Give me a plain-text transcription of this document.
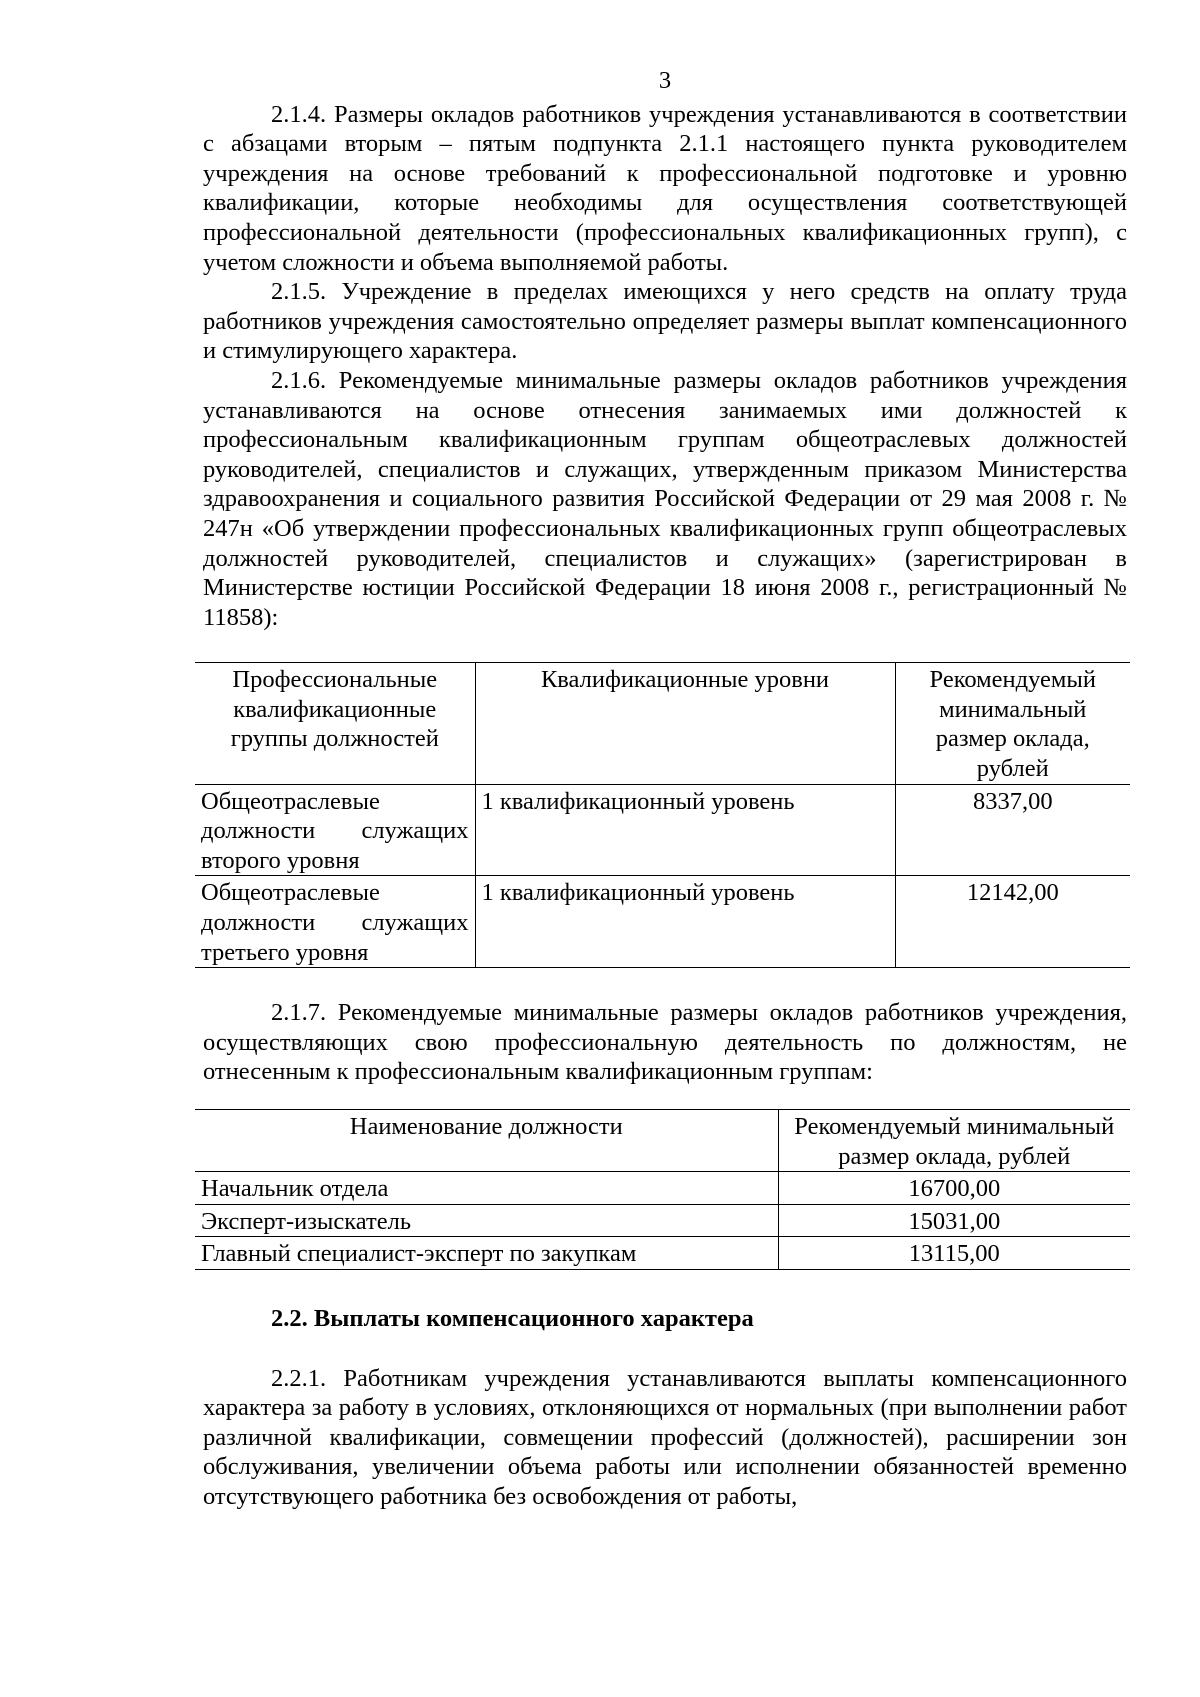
3

2.1.4. Размеры окладов работников учреждения устанавливаются в соответствии с абзацами вторым – пятым подпункта 2.1.1 настоящего пункта руководителем учреждения на основе требований к профессиональной подготовке и уровню квалификации, которые необходимы для осуществления соответствующей профессиональной деятельности (профессиональных квалификационных групп), с учетом сложности и объема выполняемой работы.

2.1.5. Учреждение в пределах имеющихся у него средств на оплату труда работников учреждения самостоятельно определяет размеры выплат компенсационного и стимулирующего характера.

2.1.6. Рекомендуемые минимальные размеры окладов работников учреждения устанавливаются на основе отнесения занимаемых ими должностей к профессиональным квалификационным группам общеотраслевых должностей руководителей, специалистов и служащих, утвержденным приказом Министерства здравоохранения и социального развития Российской Федерации от 29 мая 2008 г. № 247н «Об утверждении профессиональных квалификационных групп общеотраслевых должностей руководителей, специалистов и служащих» (зарегистрирован в Министерстве юстиции Российской Федерации 18 июня 2008 г., регистрационный № 11858):

Профессиональные квалификационные группы должностей	Квалификационные уровни	Рекомендуемый минимальный размер оклада, рублей
Общеотраслевые должности служащих второго уровня	1 квалификационный уровень	8337,00
Общеотраслевые должности служащих третьего уровня	1 квалификационный уровень	12142,00

2.1.7. Рекомендуемые минимальные размеры окладов работников учреждения, осуществляющих свою профессиональную деятельность по должностям, не отнесенным к профессиональным квалификационным группам:

Наименование должности	Рекомендуемый минимальный размер оклада, рублей
Начальник отдела	16700,00
Эксперт-изыскатель	15031,00
Главный специалист-эксперт по закупкам	13115,00

2.2. Выплаты компенсационного характера

2.2.1. Работникам учреждения устанавливаются выплаты компенсационного характера за работу в условиях, отклоняющихся от нормальных (при выполнении работ различной квалификации, совмещении профессий (должностей), расширении зон обслуживания, увеличении объема работы или исполнении обязанностей временно отсутствующего работника без освобождения от работы,
